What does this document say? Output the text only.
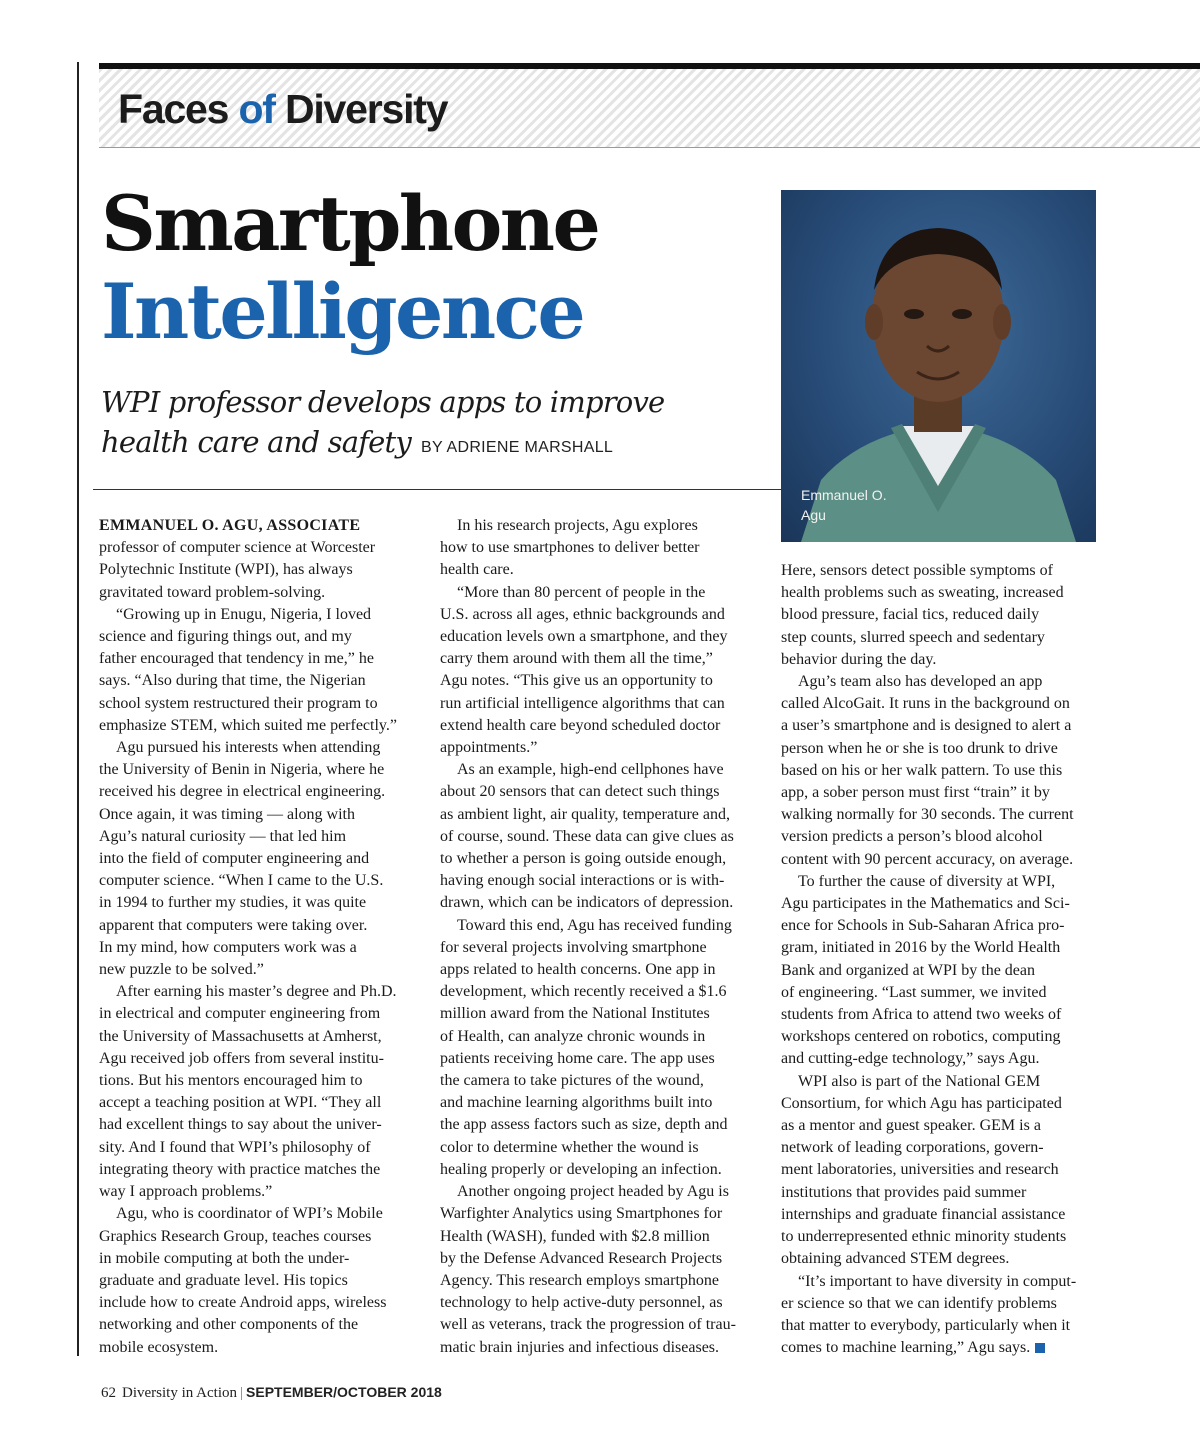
Faces of Diversity
Smartphone
Intelligence
WPI professor develops apps to improve
health care and safety BY ADRIENE MARSHALL

Emmanuel O.
Agu

EMMANUEL O. AGU, ASSOCIATE
professor of computer science at Worcester
Polytechnic Institute (WPI), has always
gravitated toward problem-solving.

“Growing up in Enugu, Nigeria, I loved
science and figuring things out, and my
father encouraged that tendency in me,” he
says. “Also during that time, the Nigerian
school system restructured their program to
emphasize STEM, which suited me perfectly.”

Agu pursued his interests when attending
the University of Benin in Nigeria, where he
received his degree in electrical engineering.
Once again, it was timing — along with
Agu’s natural curiosity — that led him
into the field of computer engineering and
computer science. “When I came to the U.S.
in 1994 to further my studies, it was quite
apparent that computers were taking over.
In my mind, how computers work was a
new puzzle to be solved.”

After earning his master’s degree and Ph.D.
in electrical and computer engineering from
the University of Massachusetts at Amherst,
Agu received job offers from several institu-
tions. But his mentors encouraged him to
accept a teaching position at WPI. “They all
had excellent things to say about the univer-
sity. And I found that WPI’s philosophy of
integrating theory with practice matches the
way I approach problems.”

Agu, who is coordinator of WPI’s Mobile
Graphics Research Group, teaches courses
in mobile computing at both the under-
graduate and graduate level. His topics
include how to create Android apps, wireless
networking and other components of the
mobile ecosystem.

In his research projects, Agu explores
how to use smartphones to deliver better
health care.

“More than 80 percent of people in the
U.S. across all ages, ethnic backgrounds and
education levels own a smartphone, and they
carry them around with them all the time,”
Agu notes. “This give us an opportunity to
run artificial intelligence algorithms that can
extend health care beyond scheduled doctor
appointments.”

As an example, high-end cellphones have
about 20 sensors that can detect such things
as ambient light, air quality, temperature and,
of course, sound. These data can give clues as
to whether a person is going outside enough,
having enough social interactions or is with-
drawn, which can be indicators of depression.

Toward this end, Agu has received funding
for several projects involving smartphone
apps related to health concerns. One app in
development, which recently received a $1.6
million award from the National Institutes
of Health, can analyze chronic wounds in
patients receiving home care. The app uses
the camera to take pictures of the wound,
and machine learning algorithms built into
the app assess factors such as size, depth and
color to determine whether the wound is
healing properly or developing an infection.

Another ongoing project headed by Agu is
Warfighter Analytics using Smartphones for
Health (WASH), funded with $2.8 million
by the Defense Advanced Research Projects
Agency. This research employs smartphone
technology to help active-duty personnel, as
well as veterans, track the progression of trau-
matic brain injuries and infectious diseases.

Here, sensors detect possible symptoms of
health problems such as sweating, increased
blood pressure, facial tics, reduced daily
step counts, slurred speech and sedentary
behavior during the day.

Agu’s team also has developed an app
called AlcoGait. It runs in the background on
a user’s smartphone and is designed to alert a
person when he or she is too drunk to drive
based on his or her walk pattern. To use this
app, a sober person must first “train” it by
walking normally for 30 seconds. The current
version predicts a person’s blood alcohol
content with 90 percent accuracy, on average.

To further the cause of diversity at WPI,
Agu participates in the Mathematics and Sci-
ence for Schools in Sub-Saharan Africa pro-
gram, initiated in 2016 by the World Health
Bank and organized at WPI by the dean
of engineering. “Last summer, we invited
students from Africa to attend two weeks of
workshops centered on robotics, computing
and cutting-edge technology,” says Agu.

WPI also is part of the National GEM
Consortium, for which Agu has participated
as a mentor and guest speaker. GEM is a
network of leading corporations, govern-
ment laboratories, universities and research
institutions that provides paid summer
internships and graduate financial assistance
to underrepresented ethnic minority students
obtaining advanced STEM degrees.

“It’s important to have diversity in comput-
er science so that we can identify problems
that matter to everybody, particularly when it
comes to machine learning,” Agu says.

62 Diversity in Action | SEPTEMBER/OCTOBER 2018
